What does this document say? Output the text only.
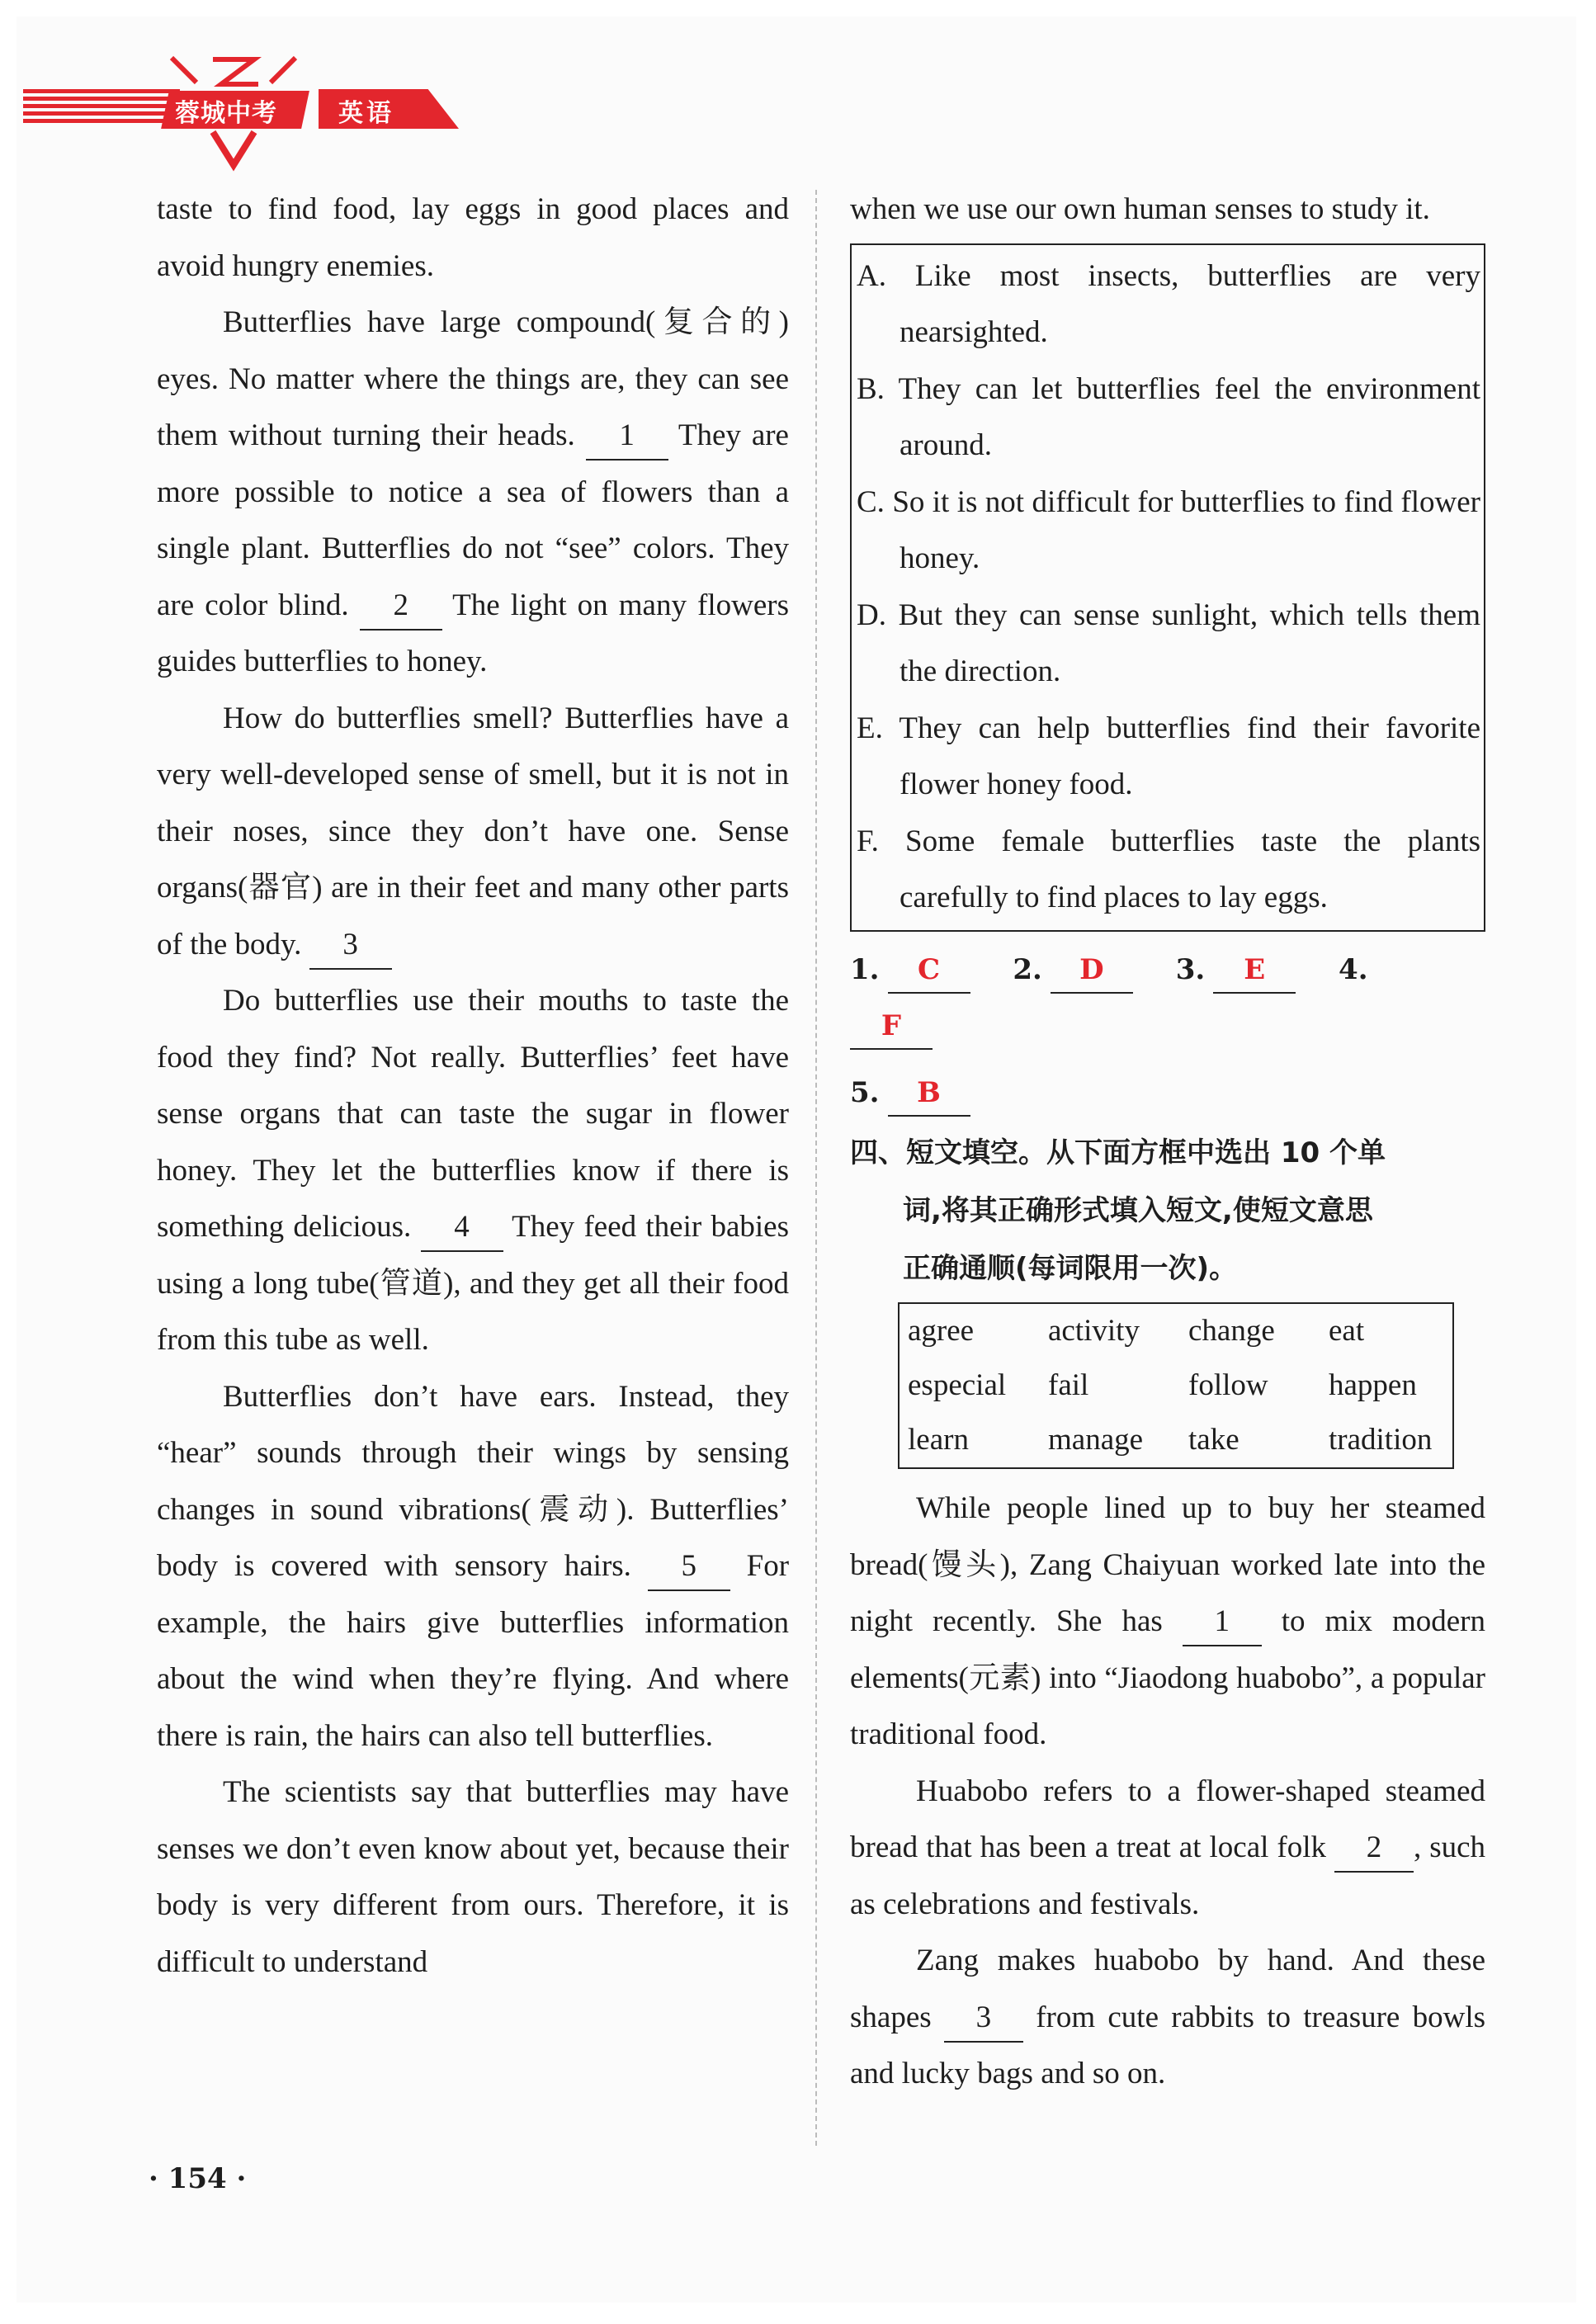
蓉城中考 英语

taste to find food, lay eggs in good places and avoid hungry enemies.

Butterflies have large compound(复合的) eyes. No matter where the things are, they can see them without turning their heads. 1 They are more possible to notice a sea of flowers than a single plant. Butterflies do not “see” colors. They are color blind. 2 The light on many flowers guides butterflies to honey.

How do butterflies smell? Butterflies have a very well-developed sense of smell, but it is not in their noses, since they don’t have one. Sense organs(器官) are in their feet and many other parts of the body. 3

Do butterflies use their mouths to taste the food they find? Not really. Butterflies’ feet have sense organs that can taste the sugar in flower honey. They let the butterflies know if there is something delicious. 4 They feed their babies using a long tube(管道), and they get all their food from this tube as well.

Butterflies don’t have ears. Instead, they “hear” sounds through their wings by sensing changes in sound vibrations(震动). Butterflies’ body is covered with sensory hairs. 5 For example, the hairs give butterflies information about the wind when they’re flying. And where there is rain, the hairs can also tell butterflies.

The scientists say that butterflies may have senses we don’t even know about yet, because their body is very different from ours. Therefore, it is difficult to understand

when we use our own human senses to study it.

A. Like most insects, butterflies are very nearsighted.

B. They can let butterflies feel the environment around.

C. So it is not difficult for butterflies to find flower honey.

D. But they can sense sunlight, which tells them the direction.

E. They can help butterflies find their favorite flower honey food.

F. Some female butterflies taste the plants carefully to find places to lay eggs.

1. C	2. D	3. E	4.F
5. B
四、短文填空。从下面方框中选出 10 个单
词,将其正确形式填入短文,使短文意思
正确通顺(每词限用一次)。
agree	activity	change	eat
especial	fail	follow	happen
learn	manage	take	tradition

While people lined up to buy her steamed bread(馒头), Zang Chaiyuan worked late into the night recently. She has 1 to mix modern elements(元素) into “Jiaodong huabobo”, a popular traditional food.

Huabobo refers to a flower-shaped steamed bread that has been a treat at local folk 2 , such as celebrations and festivals.

Zang makes huabobo by hand. And these shapes 3 from cute rabbits to treasure bowls and lucky bags and so on.

· 154 ·
